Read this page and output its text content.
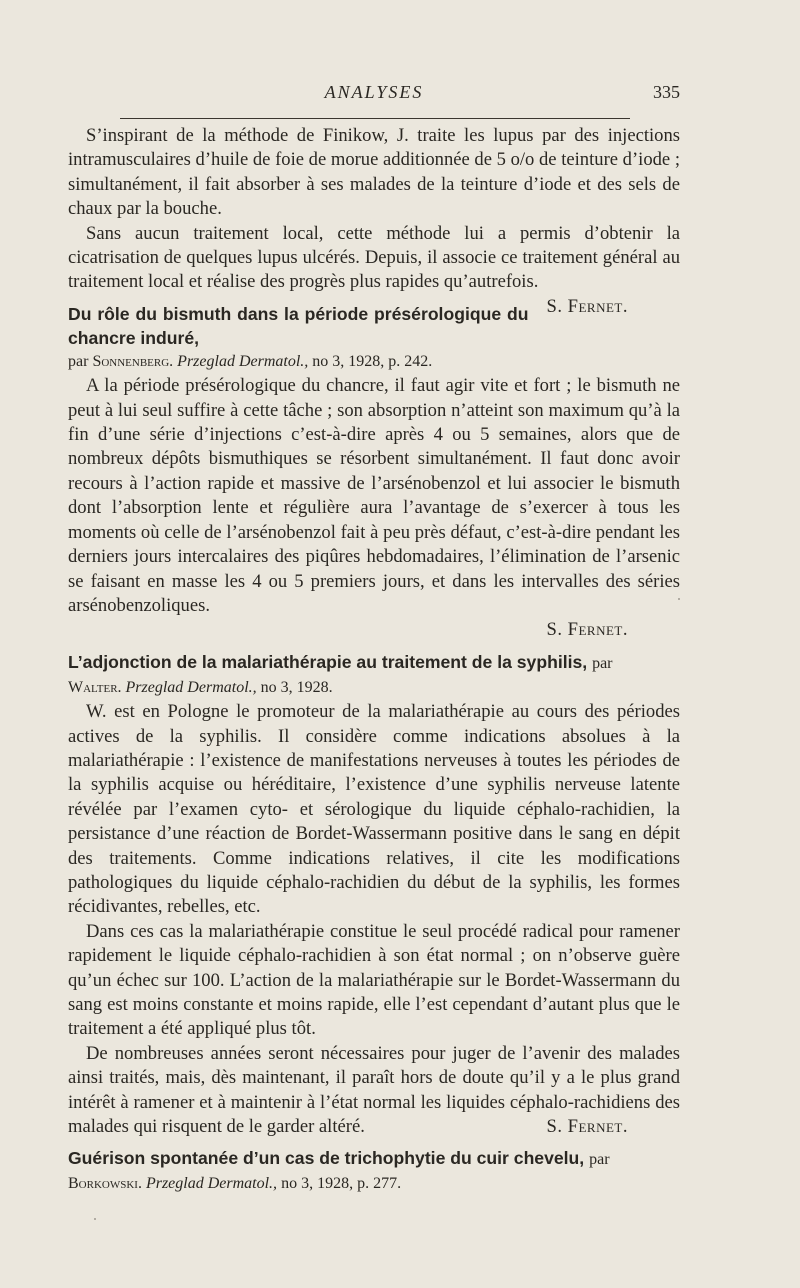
ANALYSES	335

S’inspirant de la méthode de Finikow, J. traite les lupus par des injections intramusculaires d’huile de foie de morue additionnée de 5 o/o de teinture d’iode ; simultanément, il fait absorber à ses malades de la teinture d’iode et des sels de chaux par la bouche.

Sans aucun traitement local, cette méthode lui a permis d’obtenir la cicatrisation de quelques lupus ulcérés. Depuis, il associe ce traitement général au traitement local et réalise des progrès plus rapides qu’autrefois.
S. Fernet.

Du rôle du bismuth dans la période présérologique du chancre induré,

par Sonnenberg. Przeglad Dermatol., no 3, 1928, p. 242.

A la période présérologique du chancre, il faut agir vite et fort ; le bismuth ne peut à lui seul suffire à cette tâche ; son absorption n’atteint son maximum qu’à la fin d’une série d’injections c’est-à-dire après 4 ou 5 semaines, alors que de nombreux dépôts bismuthiques se résorbent simultanément. Il faut donc avoir recours à l’action rapide et massive de l’arsénobenzol et lui associer le bismuth dont l’absorption lente et régulière aura l’avantage de s’exercer à tous les moments où celle de l’arsénobenzol fait à peu près défaut, c’est-à-dire pendant les derniers jours intercalaires des piqûres hebdomadaires, l’élimination de l’arsenic se faisant en masse les 4 ou 5 premiers jours, et dans les intervalles des séries arsénobenzoliques.

S. Fernet.
L’adjonction de la malariathérapie au traitement de la syphilis, par

Walter. Przeglad Dermatol., no 3, 1928.

W. est en Pologne le promoteur de la malariathérapie au cours des périodes actives de la syphilis. Il considère comme indications absolues à la malariathérapie : l’existence de manifestations nerveuses à toutes les périodes de la syphilis acquise ou héréditaire, l’existence d’une syphilis nerveuse latente révélée par l’examen cyto- et sérologique du liquide céphalo-rachidien, la persistance d’une réaction de Bordet-Wassermann positive dans le sang en dépit des traitements. Comme indications relatives, il cite les modifications pathologiques du liquide céphalo-rachidien du début de la syphilis, les formes récidivantes, rebelles, etc.

Dans ces cas la malariathérapie constitue le seul procédé radical pour ramener rapidement le liquide céphalo-rachidien à son état normal ; on n’observe guère qu’un échec sur 100. L’action de la malariathérapie sur le Bordet-Wassermann du sang est moins constante et moins rapide, elle l’est cependant d’autant plus que le traitement a été appliqué plus tôt.

De nombreuses années seront nécessaires pour juger de l’avenir des malades ainsi traités, mais, dès maintenant, il paraît hors de doute qu’il y a le plus grand intérêt à ramener et à maintenir à l’état normal les liquides céphalo-rachidiens des malades qui risquent de le garder altéré.	S. Fernet.

Guérison spontanée d’un cas de trichophytie du cuir chevelu, par

Borkowski. Przeglad Dermatol., no 3, 1928, p. 277.
